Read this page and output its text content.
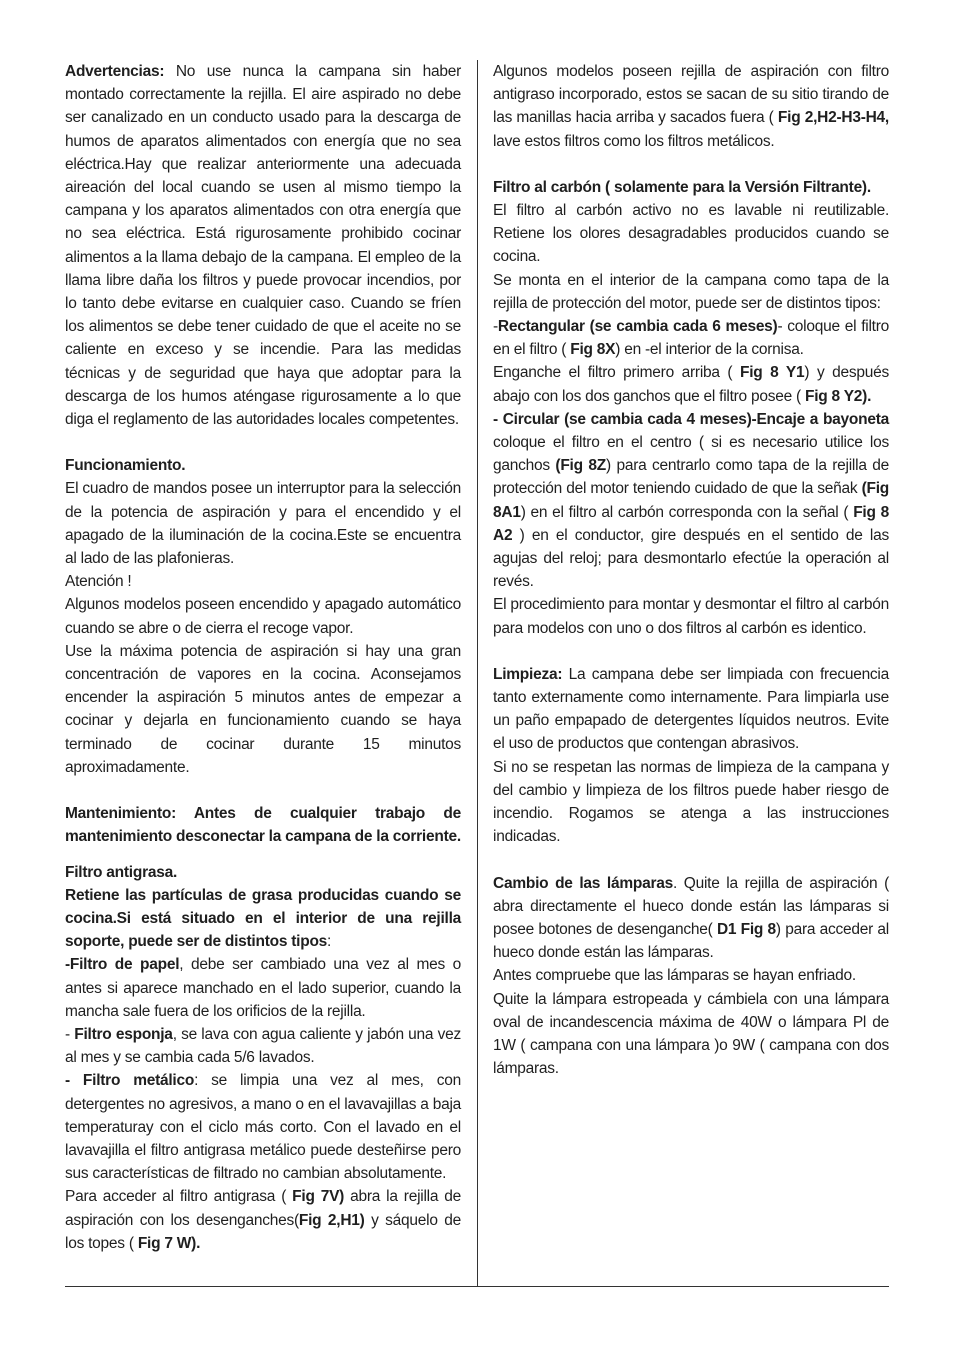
Advertencias: No use nunca la campana sin haber montado correctamente la rejilla. El aire aspirado no debe ser canalizado en un conducto usado para la descarga de humos de aparatos alimentados con energía que no sea eléctrica.Hay que realizar anteriormente una adecuada aireación del local cuando se usen al mismo tiempo la campana y los aparatos alimentados con otra energía que no sea eléctrica. Está rigurosamente prohibido cocinar alimentos a la llama debajo de la campana. El empleo de la llama libre daña los filtros y puede provocar incendios, por lo tanto debe evitarse en cualquier caso. Cuando se fríen los alimentos se debe tener cuidado de que el aceite no se caliente en exceso y se incendie. Para las medidas técnicas y de seguridad que haya que adoptar para la descarga de los humos aténgase rigurosamente a lo que diga el reglamento de las autoridades locales competentes.

Funcionamiento.

El cuadro de mandos posee un interruptor para la selección de la potencia de aspiración y para el encendido y el apagado de la iluminación de la cocina.Este se encuentra al lado de las plafonieras.

Atención !

Algunos modelos poseen encendido y apagado automático cuando se abre o de cierra el recoge vapor.

Use la máxima potencia de aspiración si hay una gran concentración de vapores en la cocina. Aconsejamos encender la aspiración 5 minutos antes de empezar a cocinar y dejarla en funcionamiento cuando se haya terminado de cocinar durante 15 minutos aproximadamente.

Mantenimiento: Antes de cualquier trabajo de mantenimiento desconectar la campana de la corriente.

Filtro antigrasa.

Retiene las partículas de grasa producidas cuando se cocina.Si está situado en el interior de una rejilla soporte, puede ser de distintos tipos:

-Filtro de papel, debe ser cambiado una vez al mes o antes si aparece manchado en el lado superior, cuando la mancha sale fuera de los orificios de la rejilla.

- Filtro esponja, se lava con agua caliente y jabón una vez al mes y se cambia cada 5/6 lavados.

- Filtro metálico: se limpia una vez al mes, con detergentes no agresivos, a mano o en el lavavajillas a baja temperaturay con el ciclo más corto. Con el lavado en el lavavajilla el filtro antigrasa metálico puede desteñirse pero sus características de filtrado no cambian absolutamente.

Para acceder al filtro antigrasa ( Fig 7V) abra la rejilla de aspiración con los desenganches(Fig 2,H1) y sáquelo de los topes ( Fig 7 W).

Algunos modelos poseen rejilla de aspiración con filtro antigraso incorporado, estos se sacan de su sitio tirando de las manillas hacia arriba y sacados fuera ( Fig 2,H2-H3-H4, lave estos filtros como los filtros metálicos.

Filtro al carbón ( solamente para la Versión Filtrante).

El filtro al carbón activo no es lavable ni reutilizable. Retiene los olores desagradables producidos cuando se cocina.

Se monta en el interior de la campana como tapa de la rejilla de protección del motor, puede ser de distintos tipos:

-Rectangular (se cambia cada 6 meses)- coloque el filtro en el filtro ( Fig 8X) en -el interior de la cornisa.

Enganche el filtro primero arriba ( Fig 8 Y1) y después abajo con los dos ganchos que el filtro posee ( Fig 8 Y2).

- Circular (se cambia cada 4 meses)-Encaje a bayoneta coloque el filtro en el centro ( si es necesario utilice los ganchos (Fig 8Z) para centrarlo como tapa de la rejilla de protección del motor teniendo cuidado de que la señak (Fig 8A1) en el filtro al carbón corresponda con la señal ( Fig 8 A2 ) en el conductor, gire después en el sentido de las agujas del reloj; para desmontarlo efectúe la operación al revés.

El procedimiento para montar y desmontar el filtro al carbón para modelos con uno o dos filtros al carbón es identico.

Limpieza: La campana debe ser limpiada con frecuencia tanto externamente como internamente. Para limpiarla use un paño empapado de detergentes líquidos neutros. Evite el uso de productos que contengan abrasivos.

Si no se respetan las normas de limpieza de la campana y del cambio y limpieza de los filtros puede haber riesgo de incendio. Rogamos se atenga a las instrucciones indicadas.

Cambio de las lámparas. Quite la rejilla de aspiración ( abra directamente el hueco donde están las lámparas si posee botones de desenganche( D1 Fig 8) para acceder al hueco donde están las lámparas.

Antes compruebe que las lámparas se hayan enfriado.

Quite la lámpara estropeada y cámbiela con una lámpara oval de incandescencia máxima de 40W o lámpara Pl de 1W ( campana con una lámpara )o 9W ( campana con dos lámparas.
